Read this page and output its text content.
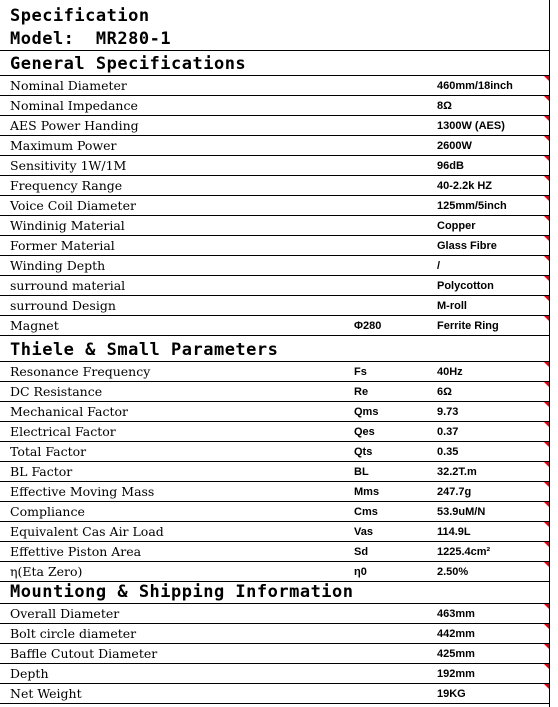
Specification
Model: MR280-1
General Specifications
Nominal Diameter	460mm/18inch
Nominal Impedance	8Ω
AES Power Handing	1300W (AES)
Maximum Power	2600W
Sensitivity 1W/1M	96dB
Frequency Range	40-2.2k HZ
Voice Coil Diameter	125mm/5inch
Windinig Material	Copper
Former Material	Glass Fibre
Winding Depth	/
surround material	Polycotton
surround Design	M-roll
Magnet	Φ280	Ferrite Ring
Thiele & Small Parameters
Resonance Frequency	Fs	40Hz
DC Resistance	Re	6Ω
Mechanical Factor	Qms	9.73
Electrical Factor	Qes	0.37
Total Factor	Qts	0.35
BL Factor	BL	32.2T.m
Effective Moving Mass	Mms	247.7g
Compliance	Cms	53.9uM/N
Equivalent Cas Air Load	Vas	114.9L
Effettive Piston Area	Sd	1225.4cm²
η(Eta Zero)	η0	2.50%
Mountiong & Shipping Information
Overall Diameter	463mm
Bolt circle diameter	442mm
Baffle Cutout Diameter	425mm
Depth	192mm
Net Weight	19KG
